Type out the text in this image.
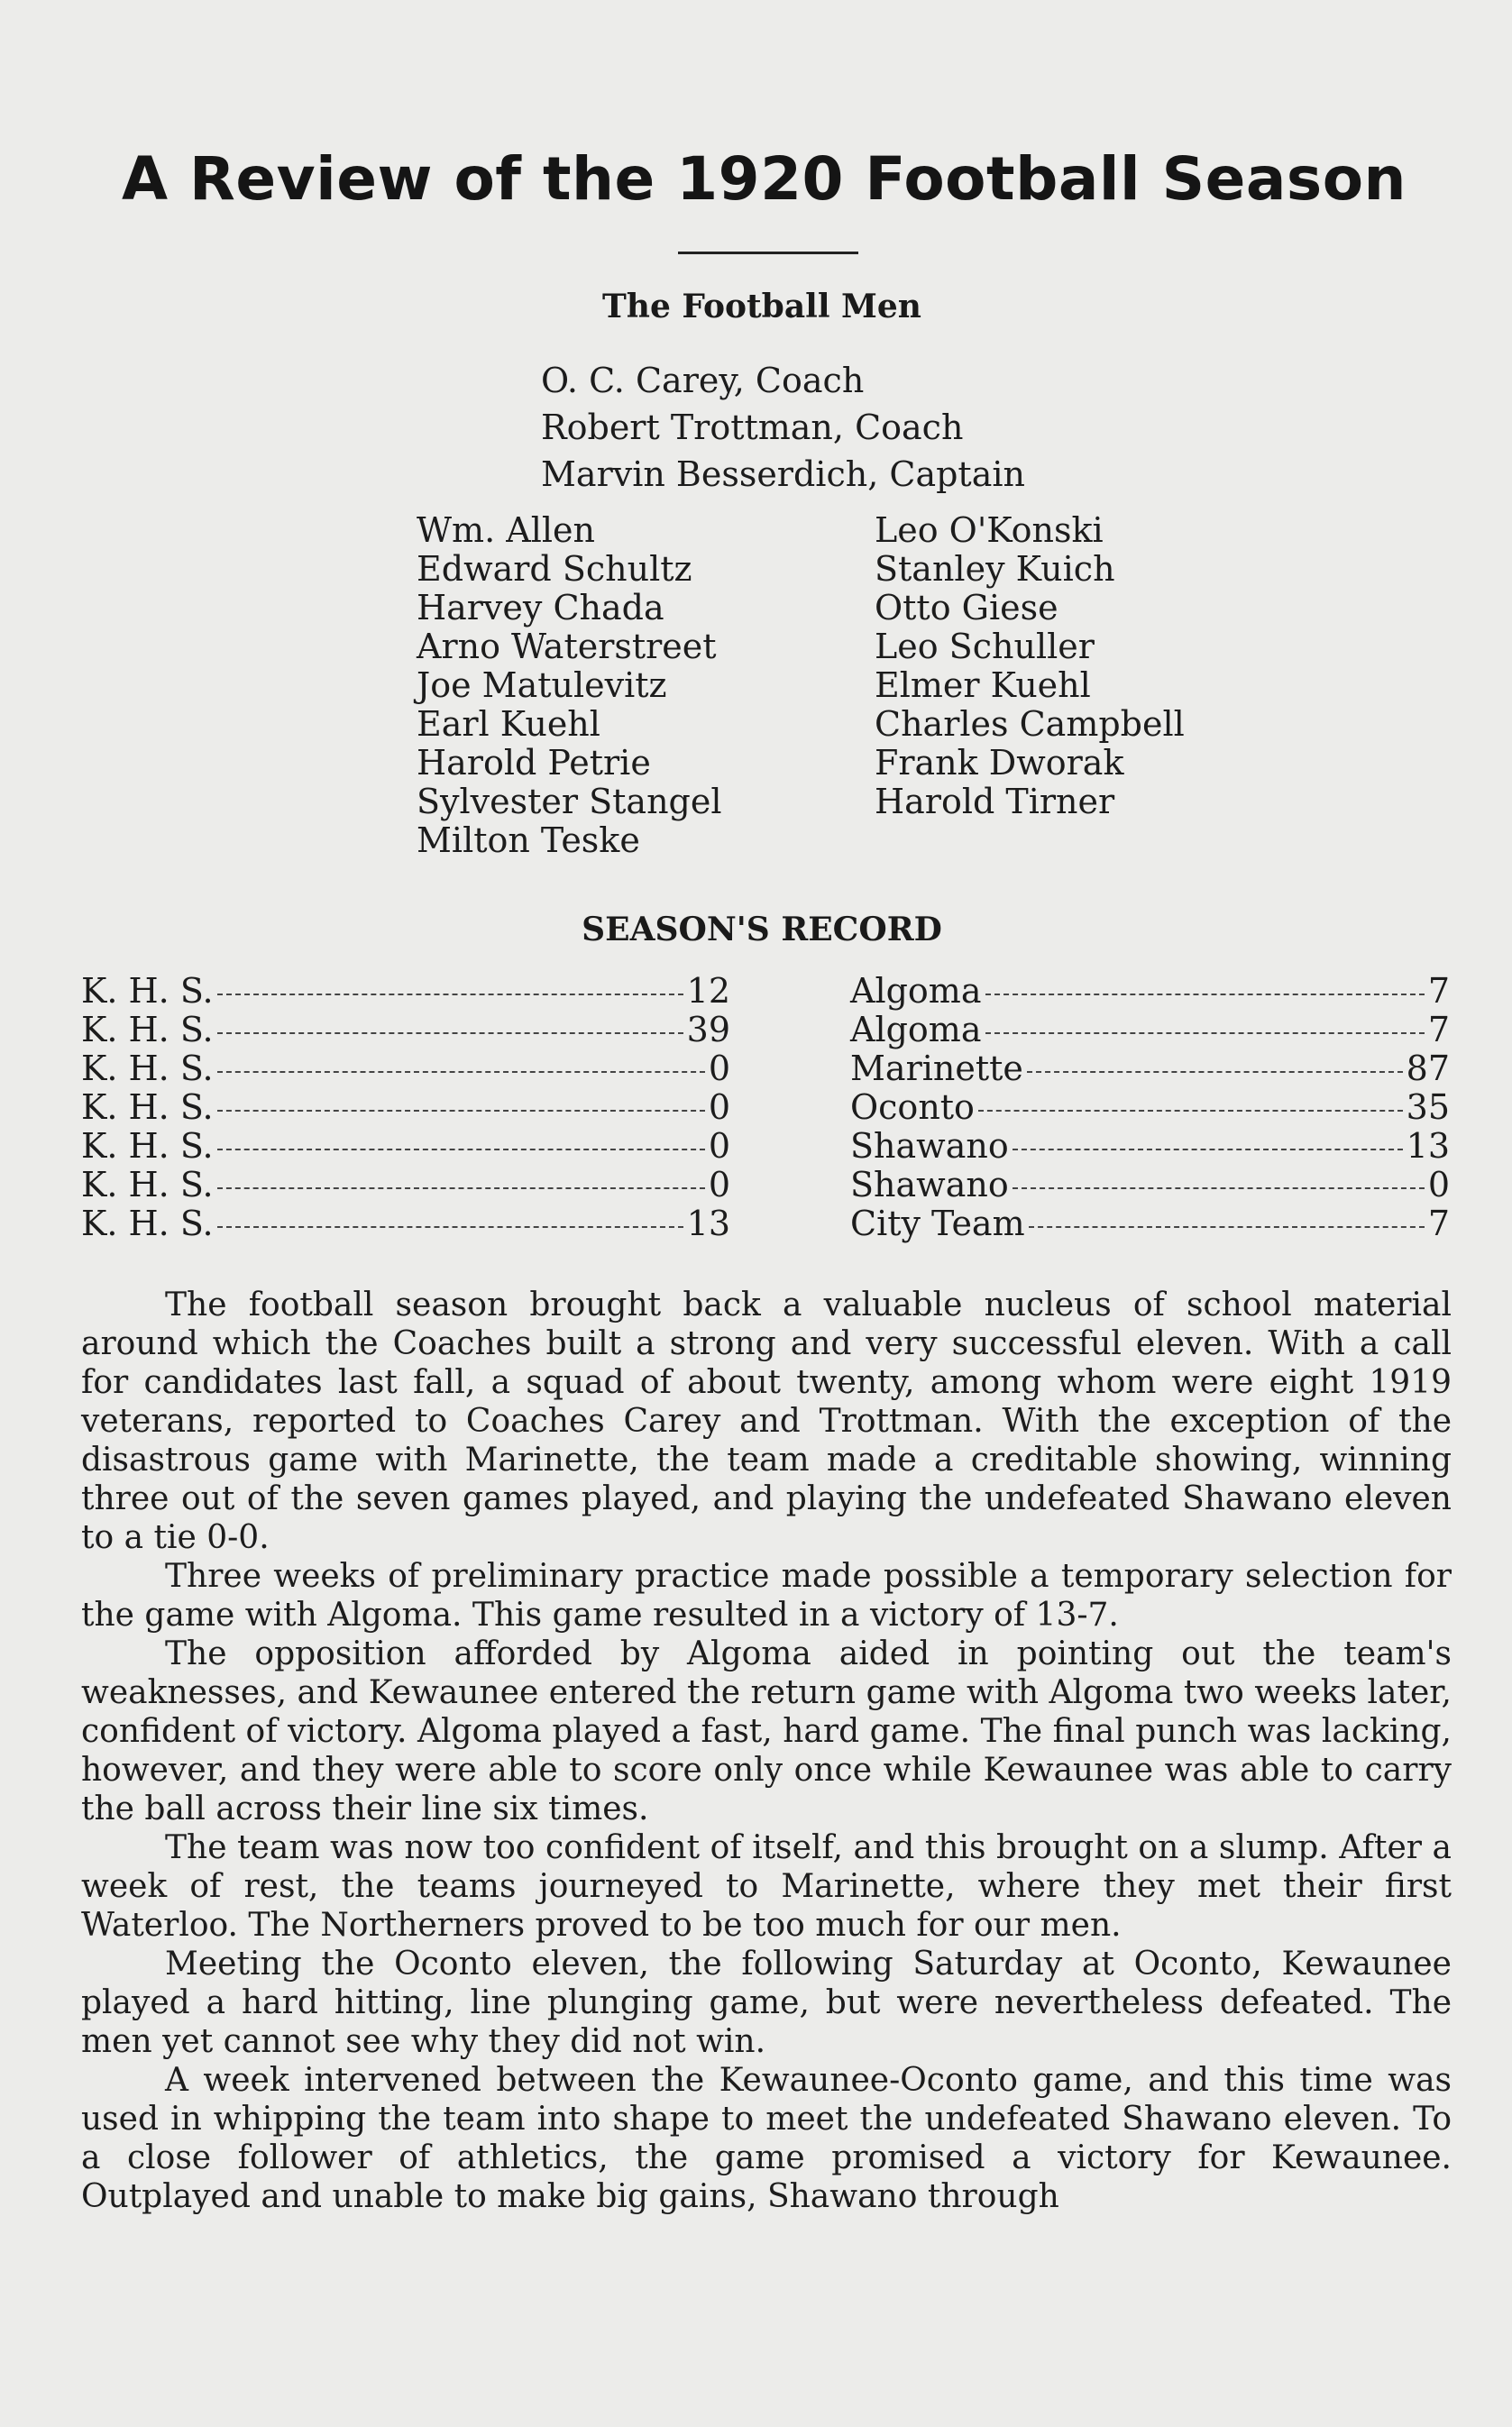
A Review of the 1920 Football Season
The Football Men
O. C. Carey, Coach
Robert Trottman, Coach
Marvin Besserdich, Captain
Wm. Allen
Edward Schultz
Harvey Chada
Arno Waterstreet
Joe Matulevitz
Earl Kuehl
Harold Petrie
Sylvester Stangel
Milton Teske
Leo O'Konski
Stanley Kuich
Otto Giese
Leo Schuller
Elmer Kuehl
Charles Campbell
Frank Dworak
Harold Tirner
SEASON'S RECORD
K. H. S.	12
K. H. S.	39
K. H. S.	0
K. H. S.	0
K. H. S.	0
K. H. S.	0
K. H. S.	13
Algoma	7
Algoma	7
Marinette	87
Oconto	35
Shawano	13
Shawano	0
City Team	7

The football season brought back a valuable nucleus of school material around which the Coaches built a strong and very successful eleven. With a call for candidates last fall, a squad of about twenty, among whom were eight 1919 veterans, reported to Coaches Carey and Trottman. With the exception of the disastrous game with Marinette, the team made a creditable showing, winning three out of the seven games played, and playing the undefeated Shawano eleven to a tie 0-0.

Three weeks of preliminary practice made possible a temporary selection for the game with Algoma. This game resulted in a victory of 13-7.

The opposition afforded by Algoma aided in pointing out the team's weaknesses, and Kewaunee entered the return game with Algoma two weeks later, confident of victory. Algoma played a fast, hard game. The final punch was lacking, however, and they were able to score only once while Kewaunee was able to carry the ball across their line six times.

The team was now too confident of itself, and this brought on a slump. After a week of rest, the teams journeyed to Marinette, where they met their first Waterloo. The Northerners proved to be too much for our men.

Meeting the Oconto eleven, the following Saturday at Oconto, Kewaunee played a hard hitting, line plunging game, but were nevertheless defeated. The men yet cannot see why they did not win.

A week intervened between the Kewaunee-Oconto game, and this time was used in whipping the team into shape to meet the undefeated Shawano eleven. To a close follower of athletics, the game promised a victory for Kewaunee. Outplayed and unable to make big gains, Shawano through
